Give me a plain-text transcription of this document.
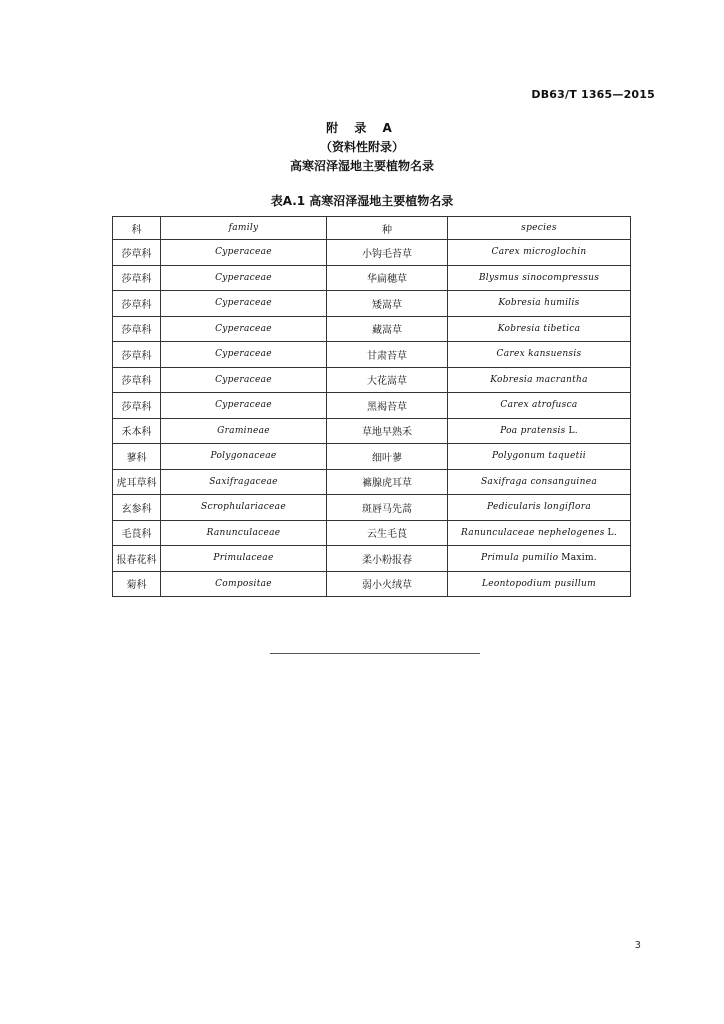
DB63/T 1365—2015
附 录 A
（资料性附录）
高寒沼泽湿地主要植物名录
表A.1 高寒沼泽湿地主要植物名录
科	family	种	species
莎草科	Cyperaceae	小钩毛苔草	Carex microglochin
莎草科	Cyperaceae	华扁穗草	Blysmus sinocompressus
莎草科	Cyperaceae	矮嵩草	Kobresia humilis
莎草科	Cyperaceae	藏嵩草	Kobresia tibetica
莎草科	Cyperaceae	甘肃苔草	Carex kansuensis
莎草科	Cyperaceae	大花嵩草	Kobresia macrantha
莎草科	Cyperaceae	黑褐苔草	Carex atrofusca
禾本科	Gramineae	草地早熟禾	Poa pratensis L.
蓼科	Polygonaceae	细叶蓼	Polygonum taquetii
虎耳草科	Saxifragaceae	褯腺虎耳草	Saxifraga consanguinea
玄参科	Scrophulariaceae	斑唇马先蒿	Pedicularis longiflora
毛茛科	Ranunculaceae	云生毛茛	Ranunculaceae nephelogenes L.
报春花科	Primulaceae	柔小粉报春	Primula pumilio Maxim.
菊科	Compositae	弱小火绒草	Leontopodium pusillum
3
